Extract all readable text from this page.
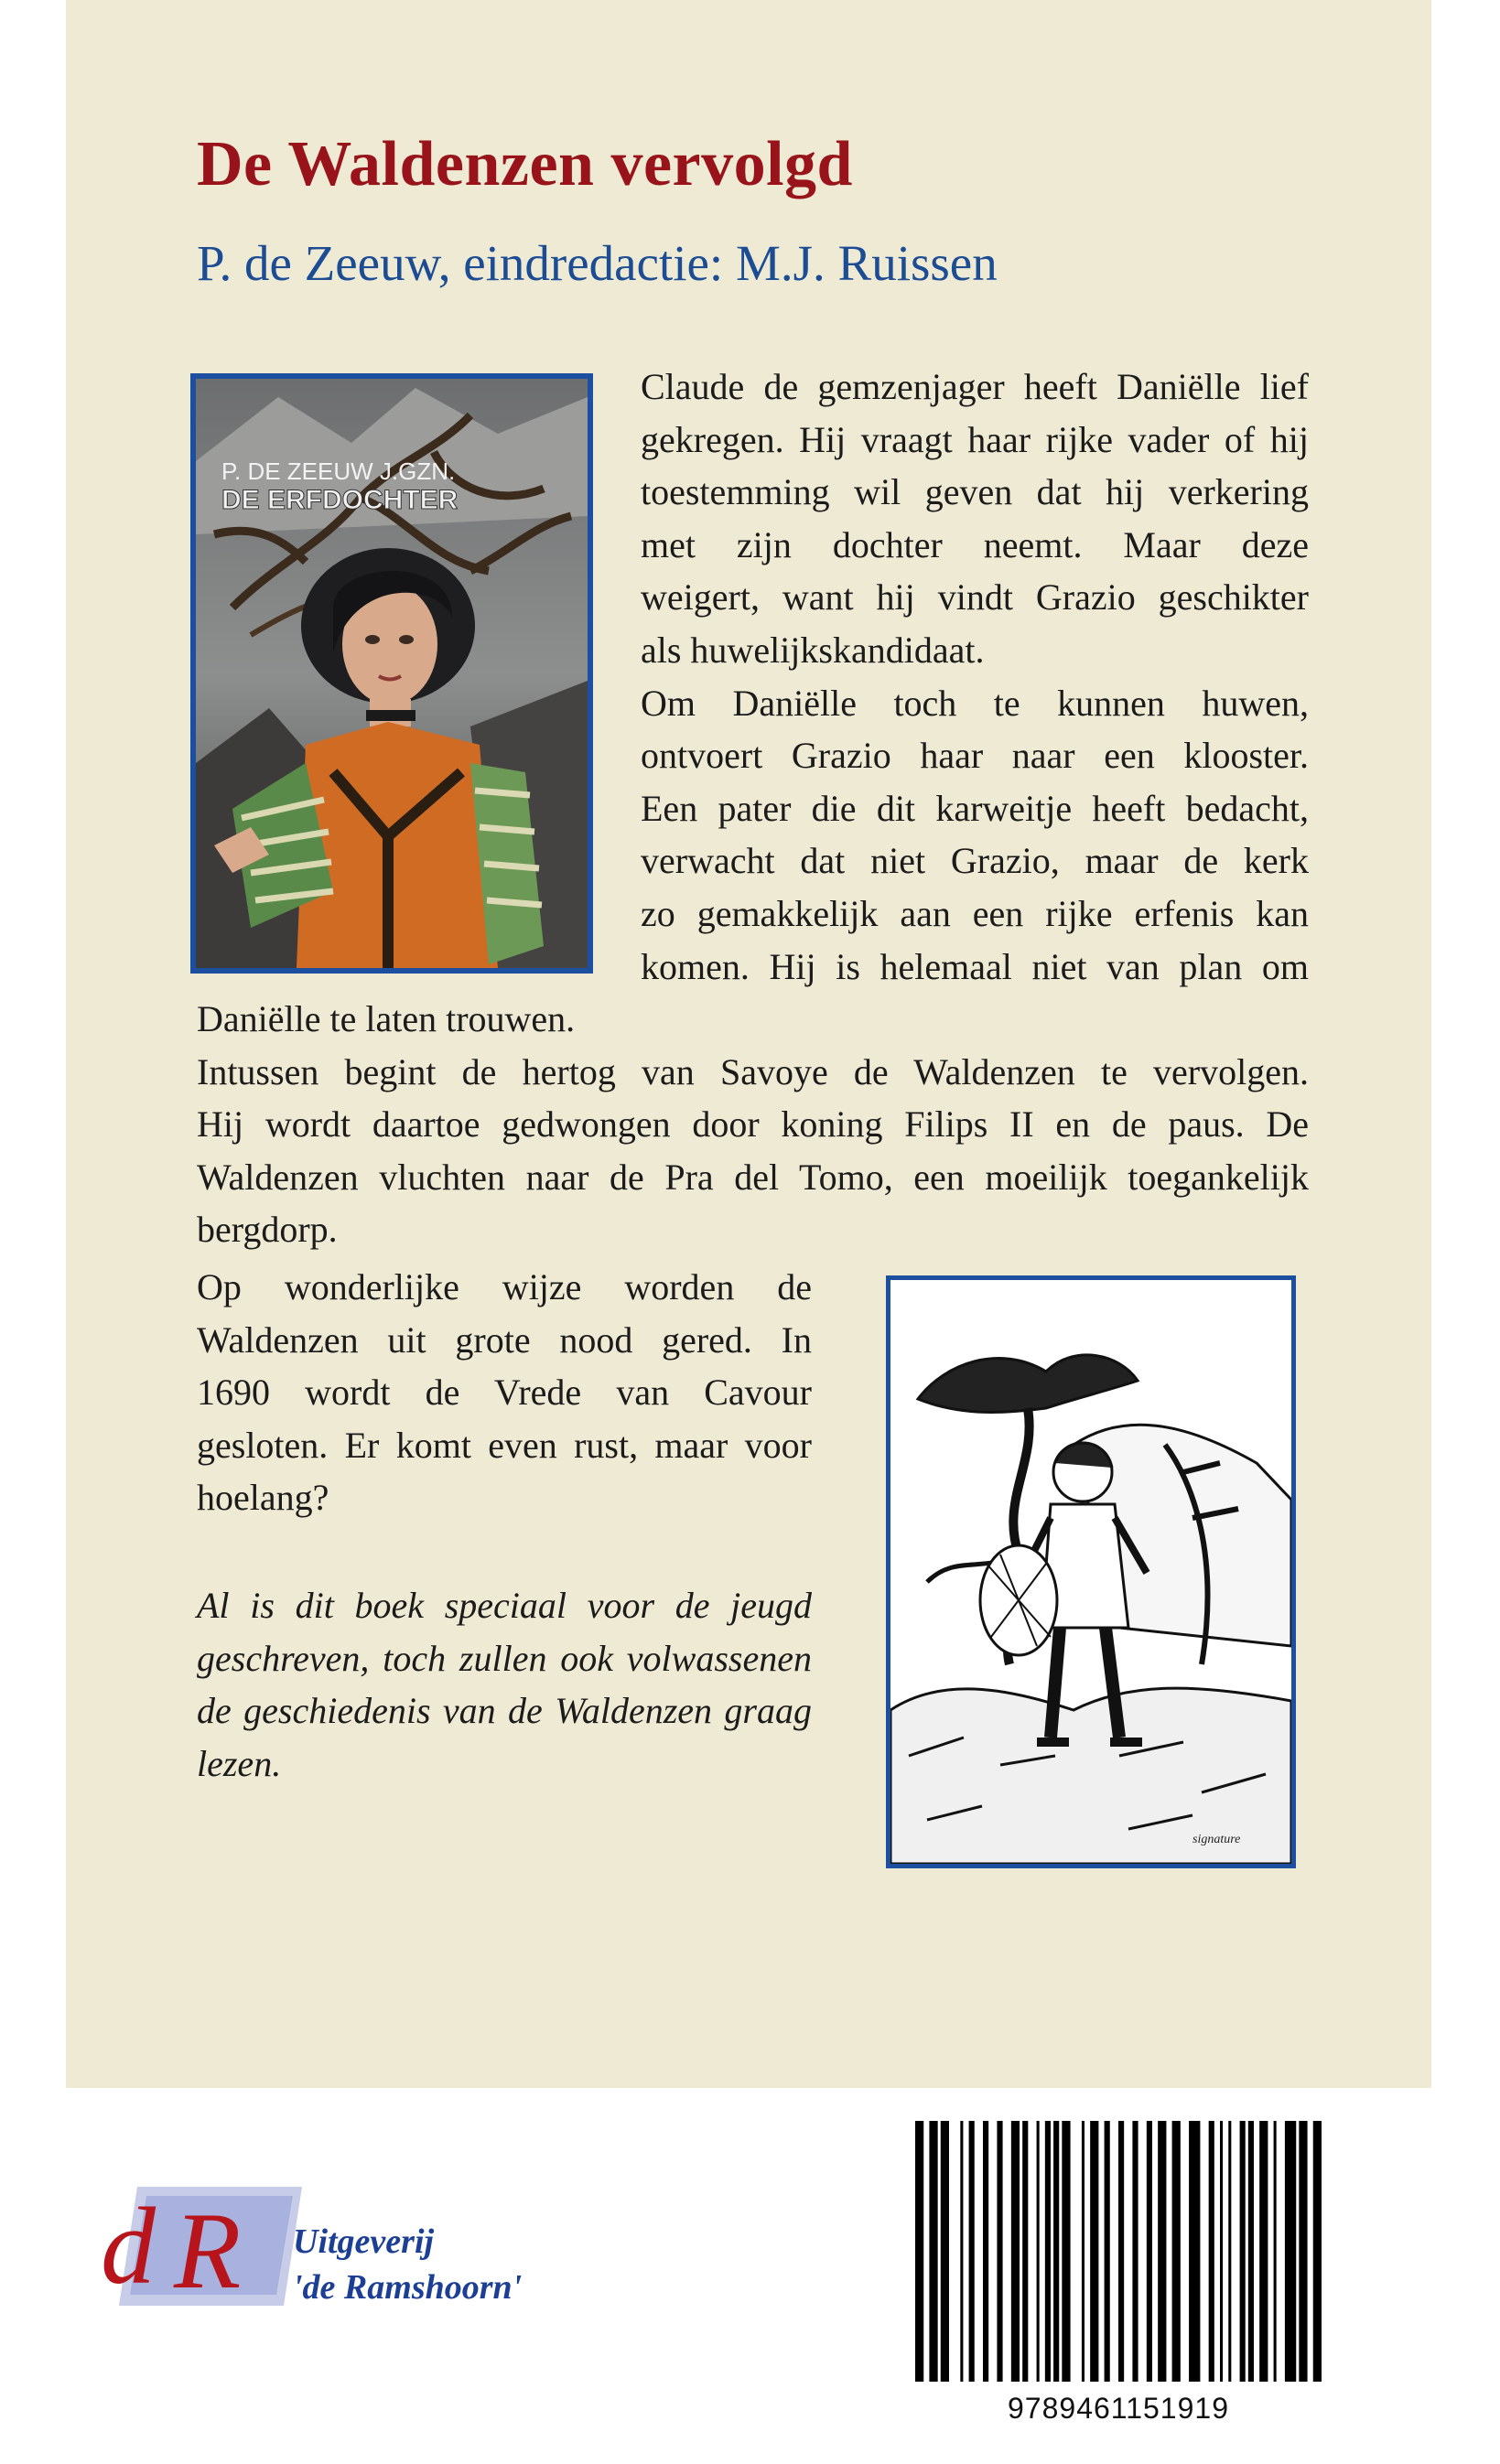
De Waldenzen vervolgd
P. de Zeeuw, eindredactie: M.J. Ruissen
P. DE ZEEUW J.GZN.
DE ERFDOCHTER
Claude de gemzenjager heeft Daniëlle lief
gekregen. Hij vraagt haar rijke vader of hij
toestemming wil geven dat hij verkering
met zijn dochter neemt. Maar deze
weigert, want hij vindt Grazio geschikter
als huwelijkskandidaat.
Om Daniëlle toch te kunnen huwen,
ontvoert Grazio haar naar een klooster.
Een pater die dit karweitje heeft bedacht,
verwacht dat niet Grazio, maar de kerk
zo gemakkelijk aan een rijke erfenis kan
komen. Hij is helemaal niet van plan om
Daniëlle te laten trouwen.
Intussen begint de hertog van Savoye de Waldenzen te vervolgen.
Hij wordt daartoe gedwongen door koning Filips II en de paus. De
Waldenzen vluchten naar de Pra del Tomo, een moeilijk toegankelijk
bergdorp.
Op wonderlijke wijze worden de
Waldenzen uit grote nood gered. In
1690 wordt de Vrede van Cavour
gesloten. Er komt even rust, maar voor
hoelang?
Al is dit boek speciaal voor de jeugd
geschreven, toch zullen ook volwassenen
de geschiedenis van de Waldenzen graag
lezen.
signature
d R Uitgeverij
'de Ramshoorn'
9789461151919
